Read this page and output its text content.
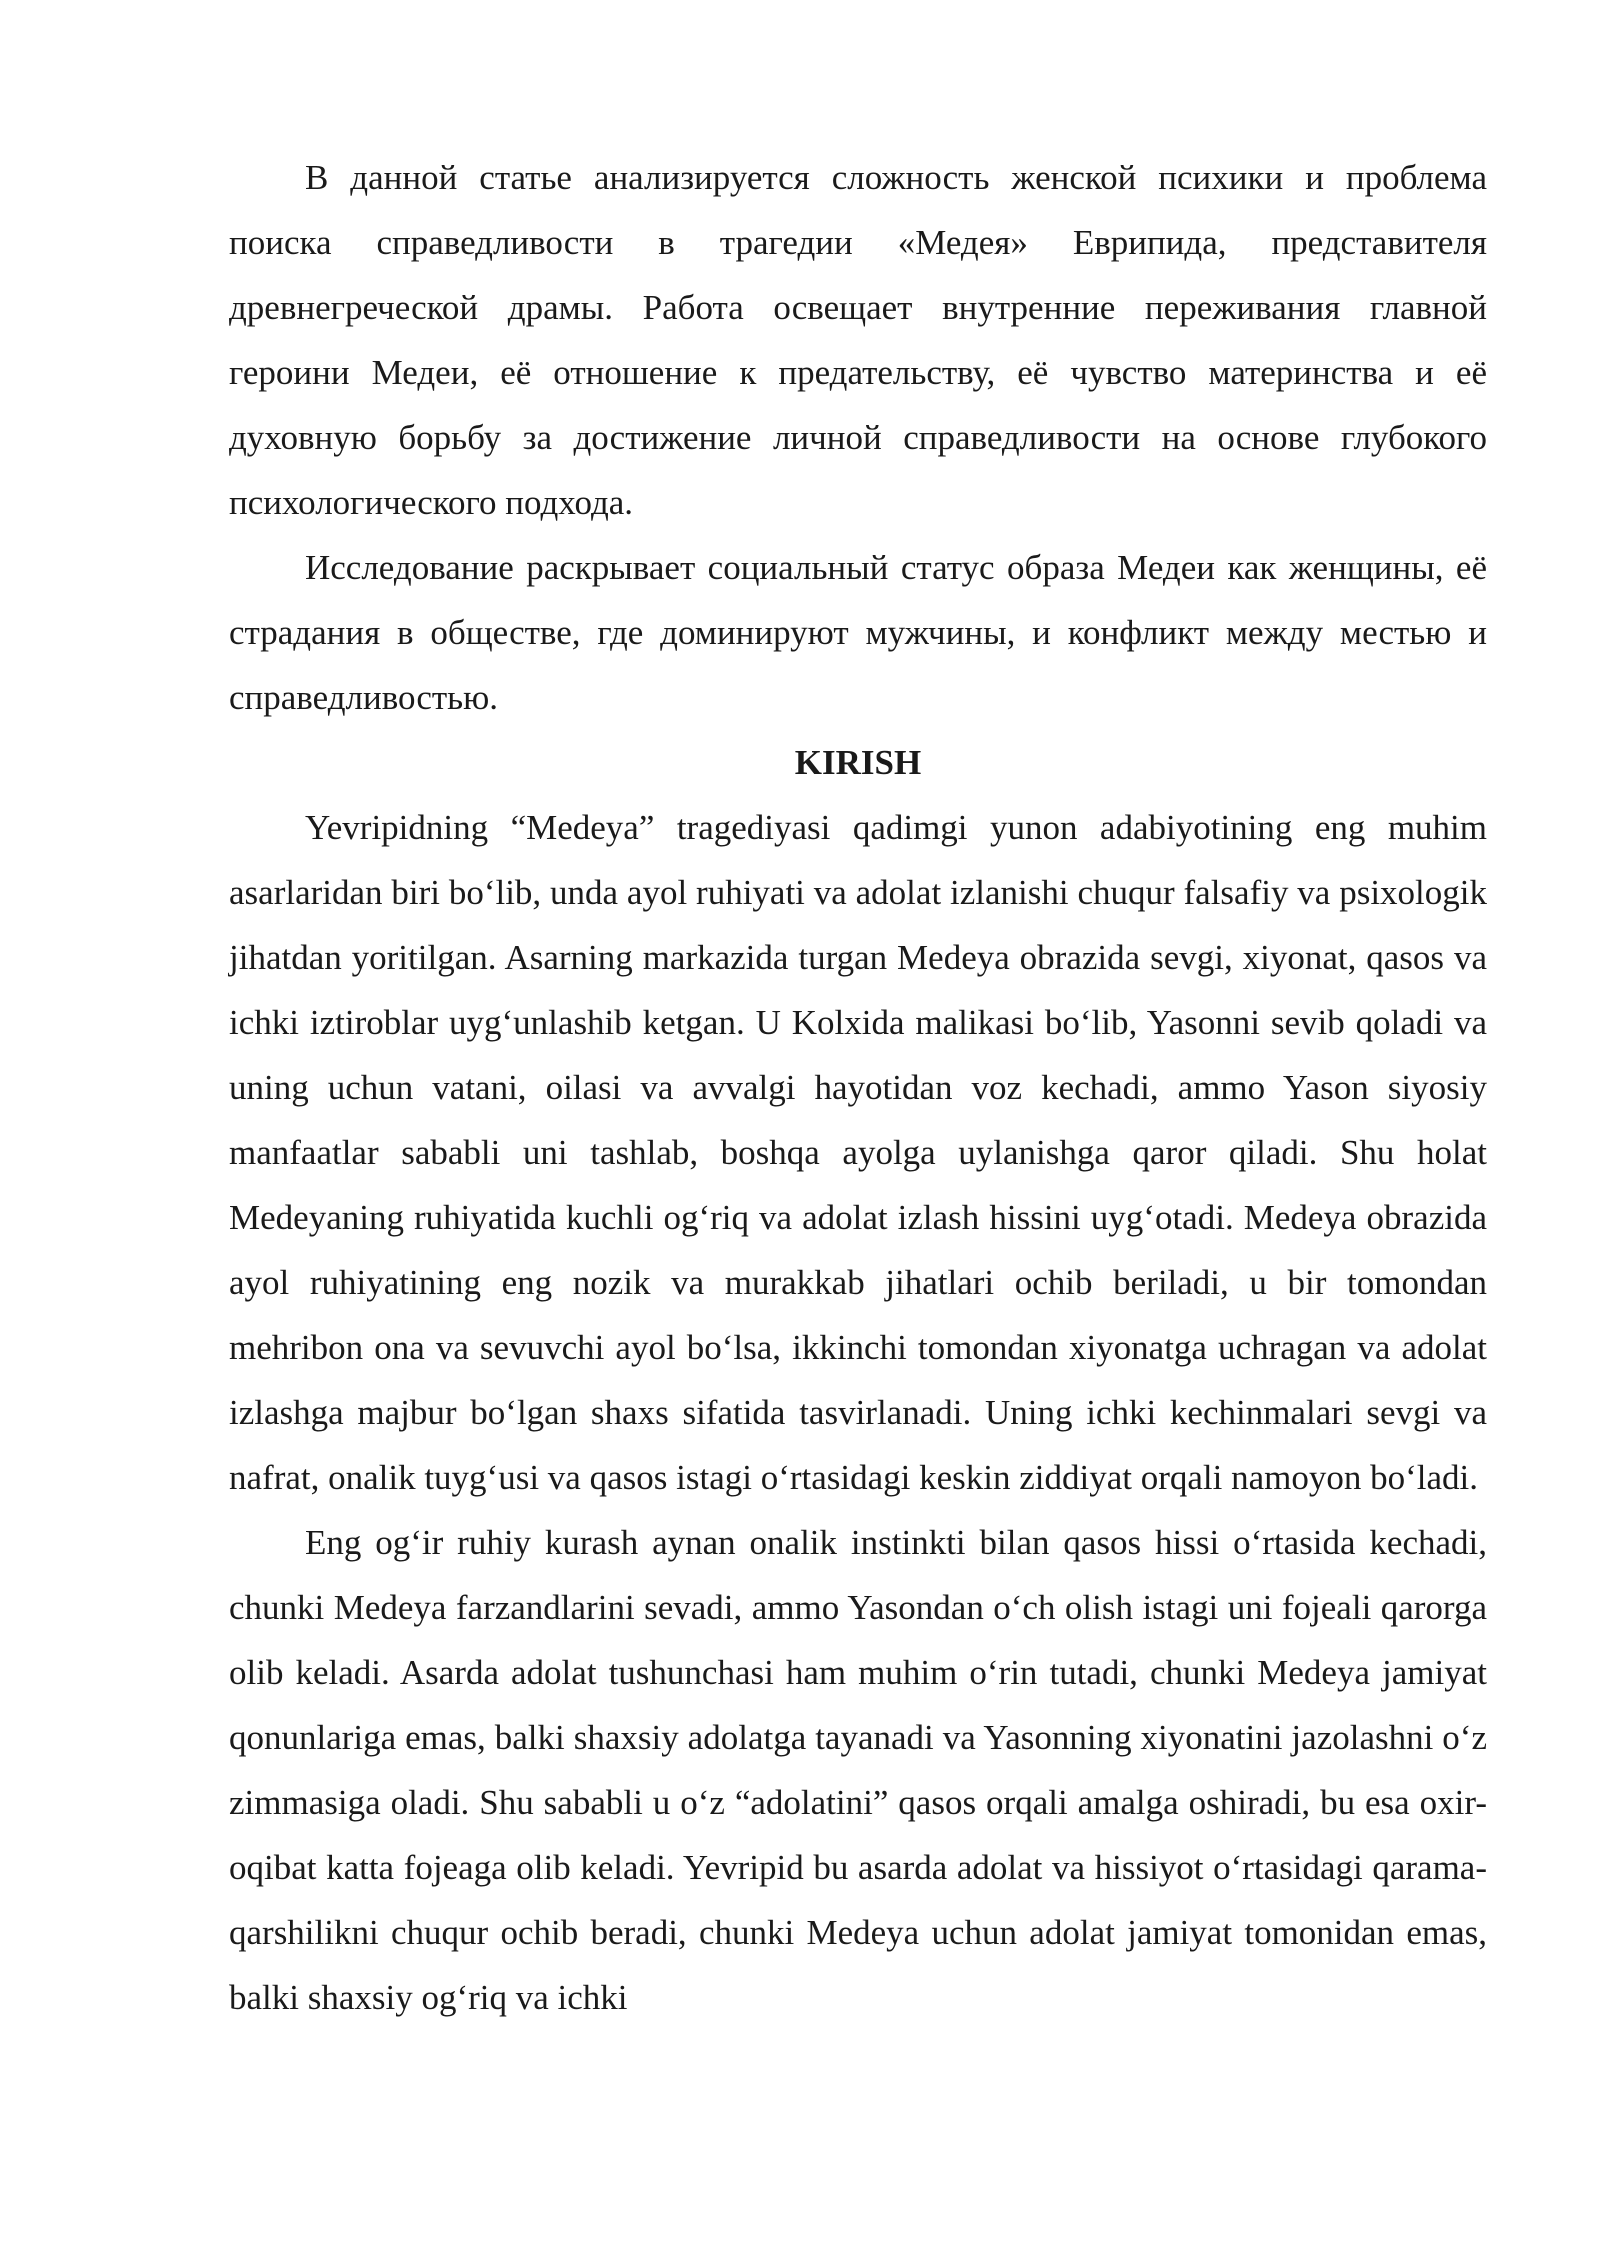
В данной статье анализируется сложность женской психики и проблема поиска справедливости в трагедии «Медея» Еврипида, представителя древнегреческой драмы. Работа освещает внутренние переживания главной героини Медеи, её отношение к предательству, её чувство материнства и её духовную борьбу за достижение личной справедливости на основе глубокого психологического подхода.

Исследование раскрывает социальный статус образа Медеи как женщины, её страдания в обществе, где доминируют мужчины, и конфликт между местью и справедливостью.

KIRISH

Yevripidning “Medeya” tragediyasi qadimgi yunon adabiyotining eng muhim asarlaridan biri bo‘lib, unda ayol ruhiyati va adolat izlanishi chuqur falsafiy va psixologik jihatdan yoritilgan. Asarning markazida turgan Medeya obrazida sevgi, xiyonat, qasos va ichki iztiroblar uyg‘unlashib ketgan. U Kolxida malikasi bo‘lib, Yasonni sevib qoladi va uning uchun vatani, oilasi va avvalgi hayotidan voz kechadi, ammo Yason siyosiy manfaatlar sababli uni tashlab, boshqa ayolga uylanishga qaror qiladi. Shu holat Medeyaning ruhiyatida kuchli og‘riq va adolat izlash hissini uyg‘otadi. Medeya obrazida ayol ruhiyatining eng nozik va murakkab jihatlari ochib beriladi, u bir tomondan mehribon ona va sevuvchi ayol bo‘lsa, ikkinchi tomondan xiyonatga uchragan va adolat izlashga majbur bo‘lgan shaxs sifatida tasvirlanadi. Uning ichki kechinmalari sevgi va nafrat, onalik tuyg‘usi va qasos istagi o‘rtasidagi keskin ziddiyat orqali namoyon bo‘ladi.

Eng og‘ir ruhiy kurash aynan onalik instinkti bilan qasos hissi o‘rtasida kechadi, chunki Medeya farzandlarini sevadi, ammo Yasondan o‘ch olish istagi uni fojeali qarorga olib keladi. Asarda adolat tushunchasi ham muhim o‘rin tutadi, chunki Medeya jamiyat qonunlariga emas, balki shaxsiy adolatga tayanadi va Yasonning xiyonatini jazolashni o‘z zimmasiga oladi. Shu sababli u o‘z “adolatini” qasos orqali amalga oshiradi, bu esa oxir-oqibat katta fojeaga olib keladi. Yevripid bu asarda adolat va hissiyot o‘rtasidagi qarama-qarshilikni chuqur ochib beradi, chunki Medeya uchun adolat jamiyat tomonidan emas, balki shaxsiy og‘riq va ichki
